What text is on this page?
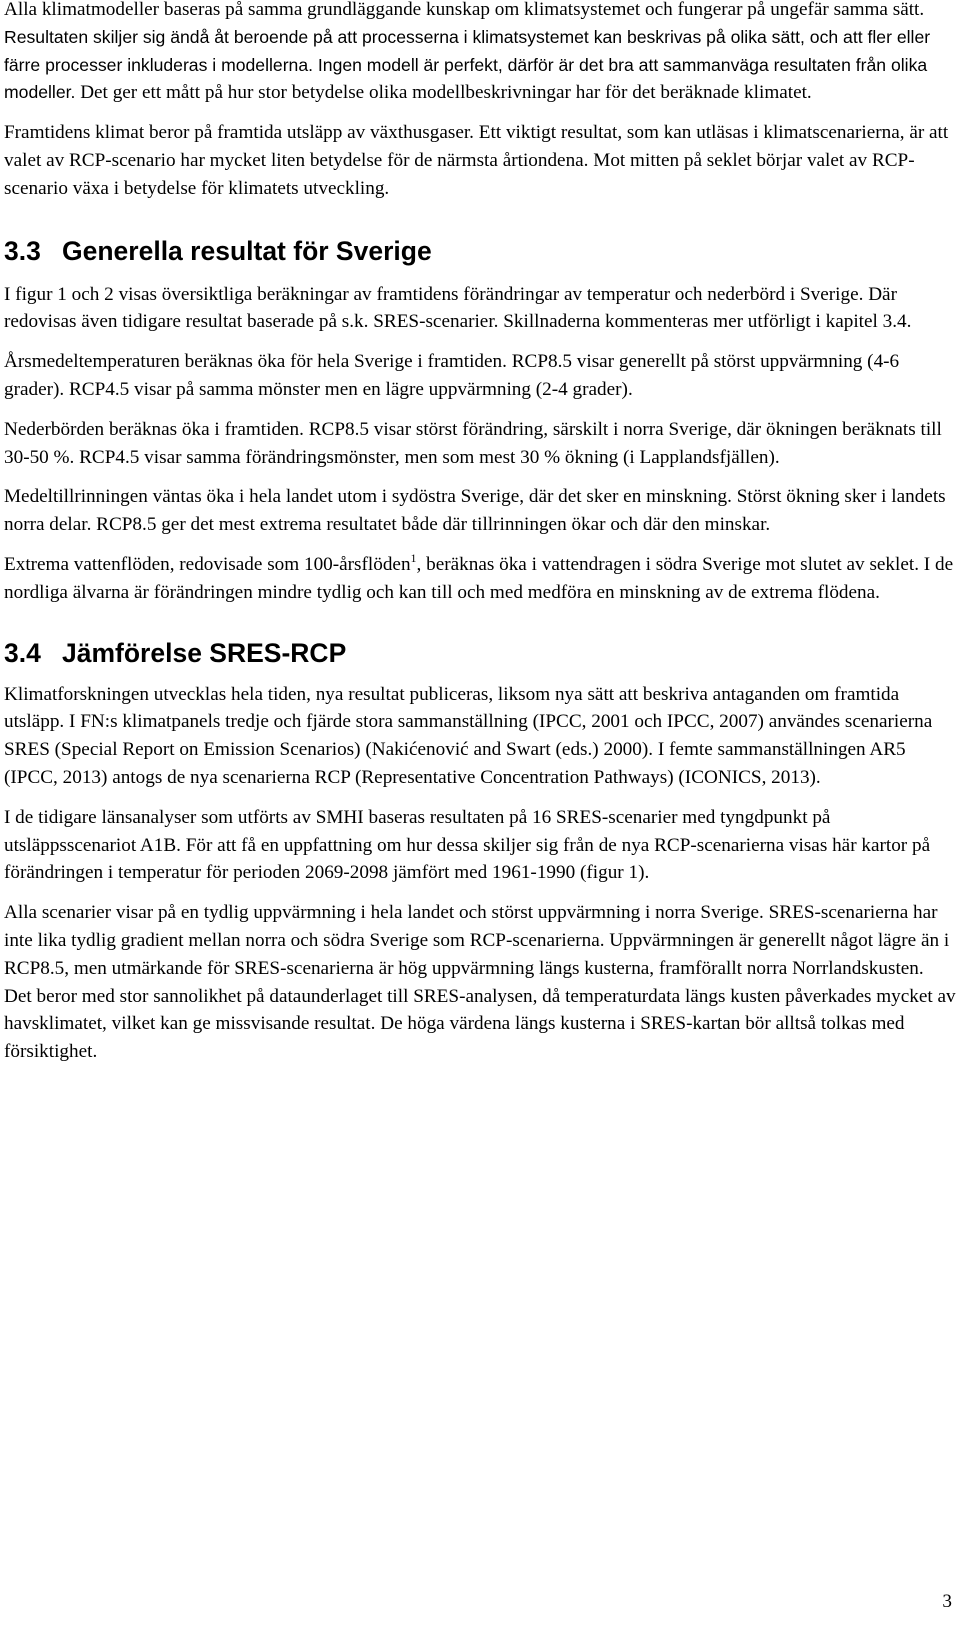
Alla klimatmodeller baseras på samma grundläggande kunskap om klimatsystemet och fungerar på ungefär samma sätt. Resultaten skiljer sig ändå åt beroende på att processerna i klimatsystemet kan beskrivas på olika sätt, och att fler eller färre processer inkluderas i modellerna. Ingen modell är perfekt, därför är det bra att sammanväga resultaten från olika modeller. Det ger ett mått på hur stor betydelse olika modellbeskrivningar har för det beräknade klimatet.

Framtidens klimat beror på framtida utsläpp av växthusgaser. Ett viktigt resultat, som kan utläsas i klimatscenarierna, är att valet av RCP-scenario har mycket liten betydelse för de närmsta årtiondena. Mot mitten på seklet börjar valet av RCP-scenario växa i betydelse för klimatets utveckling.

3.3 Generella resultat för Sverige

I figur 1 och 2 visas översiktliga beräkningar av framtidens förändringar av temperatur och nederbörd i Sverige. Där redovisas även tidigare resultat baserade på s.k. SRES-scenarier. Skillnaderna kommenteras mer utförligt i kapitel 3.4.

Årsmedeltemperaturen beräknas öka för hela Sverige i framtiden. RCP8.5 visar generellt på störst uppvärmning (4-6 grader). RCP4.5 visar på samma mönster men en lägre uppvärmning (2-4 grader).

Nederbörden beräknas öka i framtiden. RCP8.5 visar störst förändring, särskilt i norra Sverige, där ökningen beräknats till 30-50 %. RCP4.5 visar samma förändringsmönster, men som mest 30 % ökning (i Lapplandsfjällen).

Medeltillrinningen väntas öka i hela landet utom i sydöstra Sverige, där det sker en minskning. Störst ökning sker i landets norra delar. RCP8.5 ger det mest extrema resultatet både där tillrinningen ökar och där den minskar.

Extrema vattenflöden, redovisade som 100-årsflöden$^1$, beräknas öka i vattendragen i södra Sverige mot slutet av seklet. I de nordliga älvarna är förändringen mindre tydlig och kan till och med medföra en minskning av de extrema flödena.

3.4 Jämförelse SRES-RCP

Klimatforskningen utvecklas hela tiden, nya resultat publiceras, liksom nya sätt att beskriva antaganden om framtida utsläpp. I FN:s klimatpanels tredje och fjärde stora sammanställning (IPCC, 2001 och IPCC, 2007) användes scenarierna SRES (Special Report on Emission Scenarios) (Nakićenović and Swart (eds.) 2000). I femte sammanställningen AR5 (IPCC, 2013) antogs de nya scenarierna RCP (Representative Concentration Pathways) (ICONICS, 2013).

I de tidigare länsanalyser som utförts av SMHI baseras resultaten på 16 SRES-scenarier med tyngdpunkt på utsläppsscenariot A1B. För att få en uppfattning om hur dessa skiljer sig från de nya RCP-scenarierna visas här kartor på förändringen i temperatur för perioden 2069-2098 jämfört med 1961-1990 (figur 1).

Alla scenarier visar på en tydlig uppvärmning i hela landet och störst uppvärmning i norra Sverige. SRES-scenarierna har inte lika tydlig gradient mellan norra och södra Sverige som RCP-scenarierna. Uppvärmningen är generellt något lägre än i RCP8.5, men utmärkande för SRES-scenarierna är hög uppvärmning längs kusterna, framförallt norra Norrlandskusten. Det beror med stor sannolikhet på dataunderlaget till SRES-analysen, då temperaturdata längs kusten påverkades mycket av havsklimatet, vilket kan ge missvisande resultat. De höga värdena längs kusterna i SRES-kartan bör alltså tolkas med försiktighet.

3
